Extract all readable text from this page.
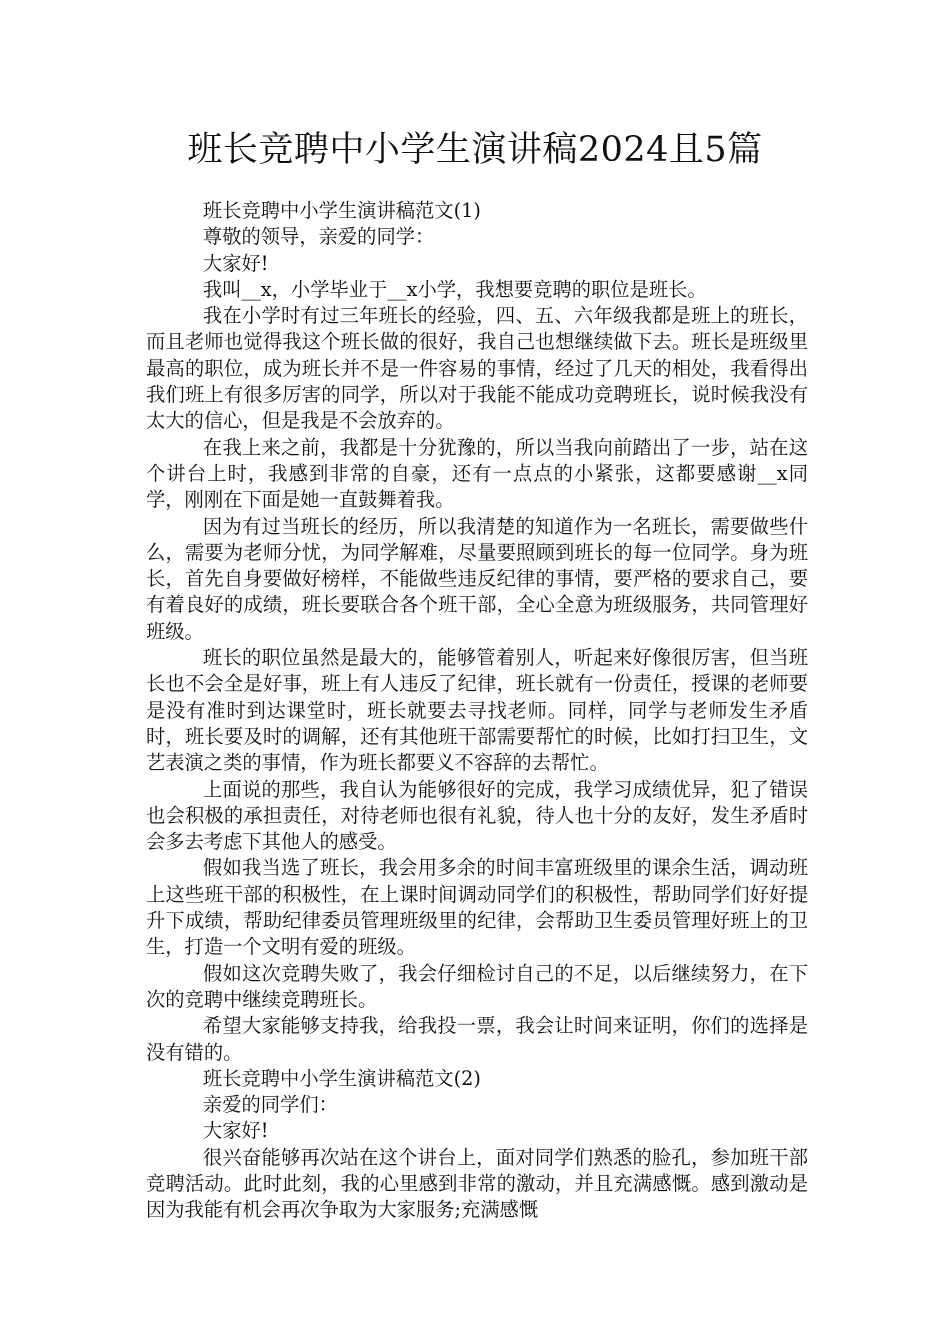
班长竞聘中小学生演讲稿2024且5篇

班长竞聘中小学生演讲稿范文(1)

尊敬的领导，亲爱的同学：

大家好!

我叫__x，小学毕业于__x小学，我想要竞聘的职位是班长。

我在小学时有过三年班长的经验，四、五、六年级我都是班上的班长，而且老师也觉得我这个班长做的很好，我自己也想继续做下去。班长是班级里最高的职位，成为班长并不是一件容易的事情，经过了几天的相处，我看得出我们班上有很多厉害的同学，所以对于我能不能成功竞聘班长，说时候我没有太大的信心，但是我是不会放弃的。

在我上来之前，我都是十分犹豫的，所以当我向前踏出了一步，站在这个讲台上时，我感到非常的自豪，还有一点点的小紧张，这都要感谢__x同学，刚刚在下面是她一直鼓舞着我。

因为有过当班长的经历，所以我清楚的知道作为一名班长，需要做些什么，需要为老师分忧，为同学解难，尽量要照顾到班长的每一位同学。身为班长，首先自身要做好榜样，不能做些违反纪律的事情，要严格的要求自己，要有着良好的成绩，班长要联合各个班干部，全心全意为班级服务，共同管理好班级。

班长的职位虽然是最大的，能够管着别人，听起来好像很厉害，但当班长也不会全是好事，班上有人违反了纪律，班长就有一份责任，授课的老师要是没有准时到达课堂时，班长就要去寻找老师。同样，同学与老师发生矛盾时，班长要及时的调解，还有其他班干部需要帮忙的时候，比如打扫卫生，文艺表演之类的事情，作为班长都要义不容辞的去帮忙。

上面说的那些，我自认为能够很好的完成，我学习成绩优异，犯了错误也会积极的承担责任，对待老师也很有礼貌，待人也十分的友好，发生矛盾时会多去考虑下其他人的感受。

假如我当选了班长，我会用多余的时间丰富班级里的课余生活，调动班上这些班干部的积极性，在上课时间调动同学们的积极性，帮助同学们好好提升下成绩，帮助纪律委员管理班级里的纪律，会帮助卫生委员管理好班上的卫生，打造一个文明有爱的班级。

假如这次竞聘失败了，我会仔细检讨自己的不足，以后继续努力，在下次的竞聘中继续竞聘班长。

希望大家能够支持我，给我投一票，我会让时间来证明，你们的选择是没有错的。

班长竞聘中小学生演讲稿范文(2)

亲爱的同学们：

大家好!

很兴奋能够再次站在这个讲台上，面对同学们熟悉的脸孔，参加班干部竞聘活动。此时此刻，我的心里感到非常的激动，并且充满感慨。感到激动是因为我能有机会再次争取为大家服务;充满感慨
